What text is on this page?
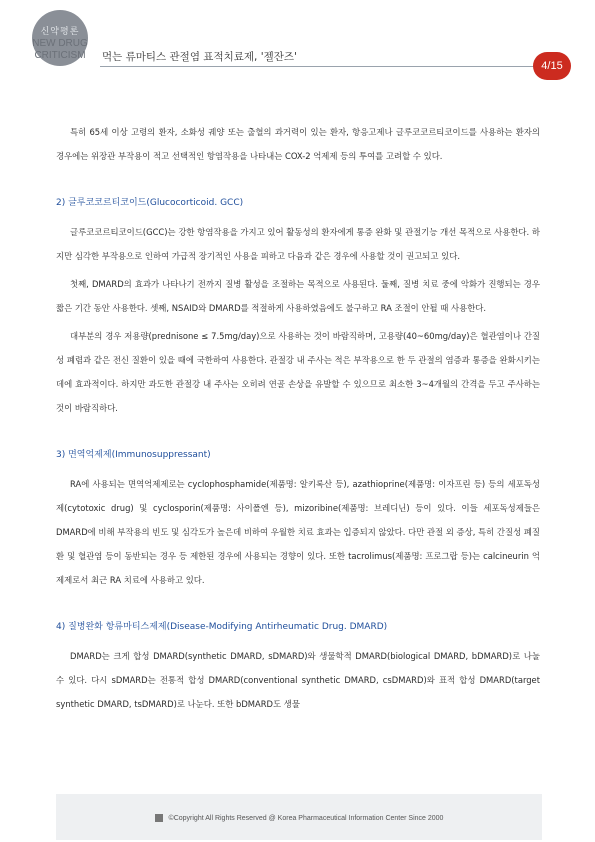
신약평론
NEW DRUG
CRITICISM	먹는 류마티스 관절염 표적치료제, '젤잔즈'
4/15

특히 65세 이상 고령의 환자, 소화성 궤양 또는 출혈의 과거력이 있는 환자, 항응고제나 글루코코르티코이드를 사용하는 환자의 경우에는 위장관 부작용이 적고 선택적인 항염작용을 나타내는 COX-2 억제제 등의 투여를 고려할 수 있다.

2) 글루코코르티코이드(Glucocorticoid. GCC)

글루코코르티코이드(GCC)는 강한 항염작용을 가지고 있어 활동성의 환자에게 통증 완화 및 관절기능 개선 목적으로 사용한다. 하지만 심각한 부작용으로 인하여 가급적 장기적인 사용을 피하고 다음과 같은 경우에 사용할 것이 권고되고 있다.

첫째, DMARD의 효과가 나타나기 전까지 질병 활성을 조절하는 목적으로 사용된다. 둘째, 질병 치료 중에 악화가 진행되는 경우 짧은 기간 동안 사용한다. 셋째, NSAID와 DMARD를 적절하게 사용하였음에도 불구하고 RA 조절이 안될 때 사용한다.

대부분의 경우 저용량(prednisone ≤ 7.5mg/day)으로 사용하는 것이 바람직하며, 고용량(40~60mg/day)은 혈관염이나 간질성 폐렴과 같은 전신 질환이 있을 때에 국한하여 사용한다. 관절강 내 주사는 적은 부작용으로 한 두 관절의 염증과 통증을 완화시키는 데에 효과적이다. 하지만 과도한 관절강 내 주사는 오히려 연골 손상을 유발할 수 있으므로 최소한 3~4개월의 간격을 두고 주사하는 것이 바람직하다.

3) 면역억제제(Immunosuppressant)

RA에 사용되는 면역억제제로는 cyclophosphamide(제품명: 알키록산 등), azathioprine(제품명: 이자프린 등) 등의 세포독성제(cytotoxic drug) 및 cyclosporin(제품명: 사이폴엔 등), mizoribine(제품명: 브레디닌) 등이 있다. 이들 세포독성제들은 DMARD에 비해 부작용의 빈도 및 심각도가 높은데 비하여 우월한 치료 효과는 입증되지 않았다. 다만 관절 외 증상, 특히 간질성 폐질환 및 혈관염 등이 동반되는 경우 등 제한된 경우에 사용되는 경향이 있다. 또한 tacrolimus(제품명: 프로그랍 등)는 calcineurin 억제제로서 최근 RA 치료에 사용하고 있다.

4) 질병완화 항류마티스제제(Disease-Modifying Antirheumatic Drug. DMARD)

DMARD는 크게 합성 DMARD(synthetic DMARD, sDMARD)와 생물학적 DMARD(biological DMARD, bDMARD)로 나눌 수 있다. 다시 sDMARD는 전통적 합성 DMARD(conventional synthetic DMARD, csDMARD)와 표적 합성 DMARD(target synthetic DMARD, tsDMARD)로 나눈다. 또한 bDMARD도 생물

©Copyright All Rights Reserved @ Korea Pharmaceutical Information Center Since 2000
